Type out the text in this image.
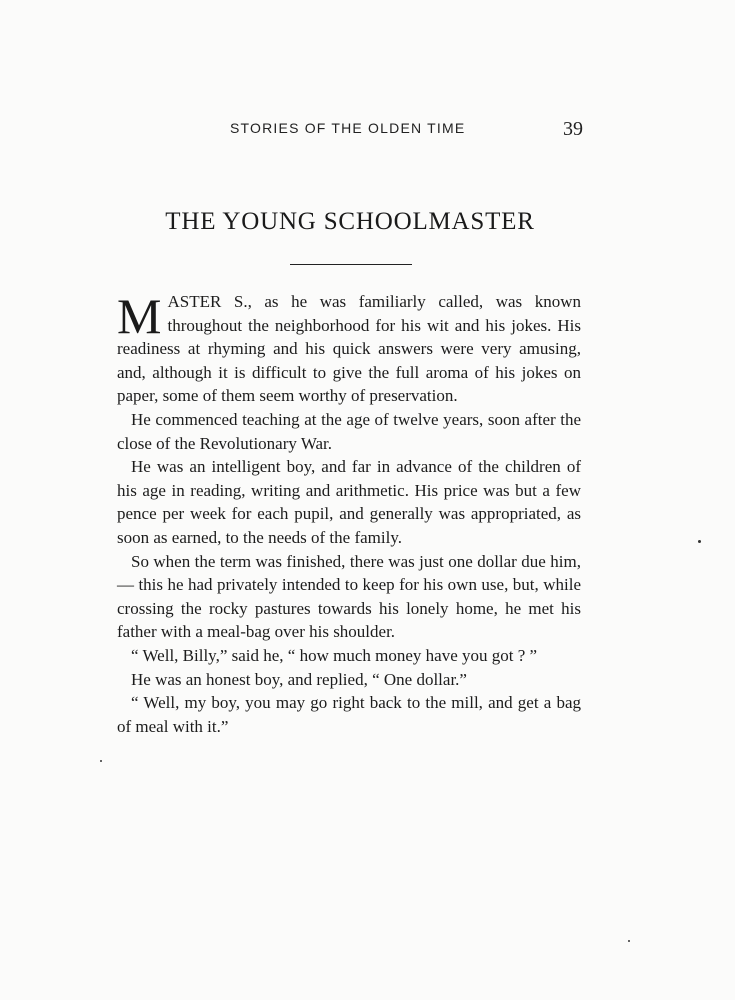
STORIES OF THE OLDEN TIME	39
THE YOUNG SCHOOLMASTER

MASTER S., as he was familiarly called, was known throughout the neighborhood for his wit and his jokes. His readiness at rhyming and his quick answers were very amusing, and, although it is difficult to give the full aroma of his jokes on paper, some of them seem worthy of preservation.

He commenced teaching at the age of twelve years, soon after the close of the Revolutionary War.

He was an intelligent boy, and far in advance of the children of his age in reading, writing and arithmetic. His price was but a few pence per week for each pupil, and generally was appropriated, as soon as earned, to the needs of the family.

So when the term was finished, there was just one dollar due him, — this he had privately intended to keep for his own use, but, while crossing the rocky pastures towards his lonely home, he met his father with a meal-bag over his shoulder.

“ Well, Billy,” said he, “ how much money have you got ? ”

He was an honest boy, and replied, “ One dollar.”

“ Well, my boy, you may go right back to the mill, and get a bag of meal with it.”
